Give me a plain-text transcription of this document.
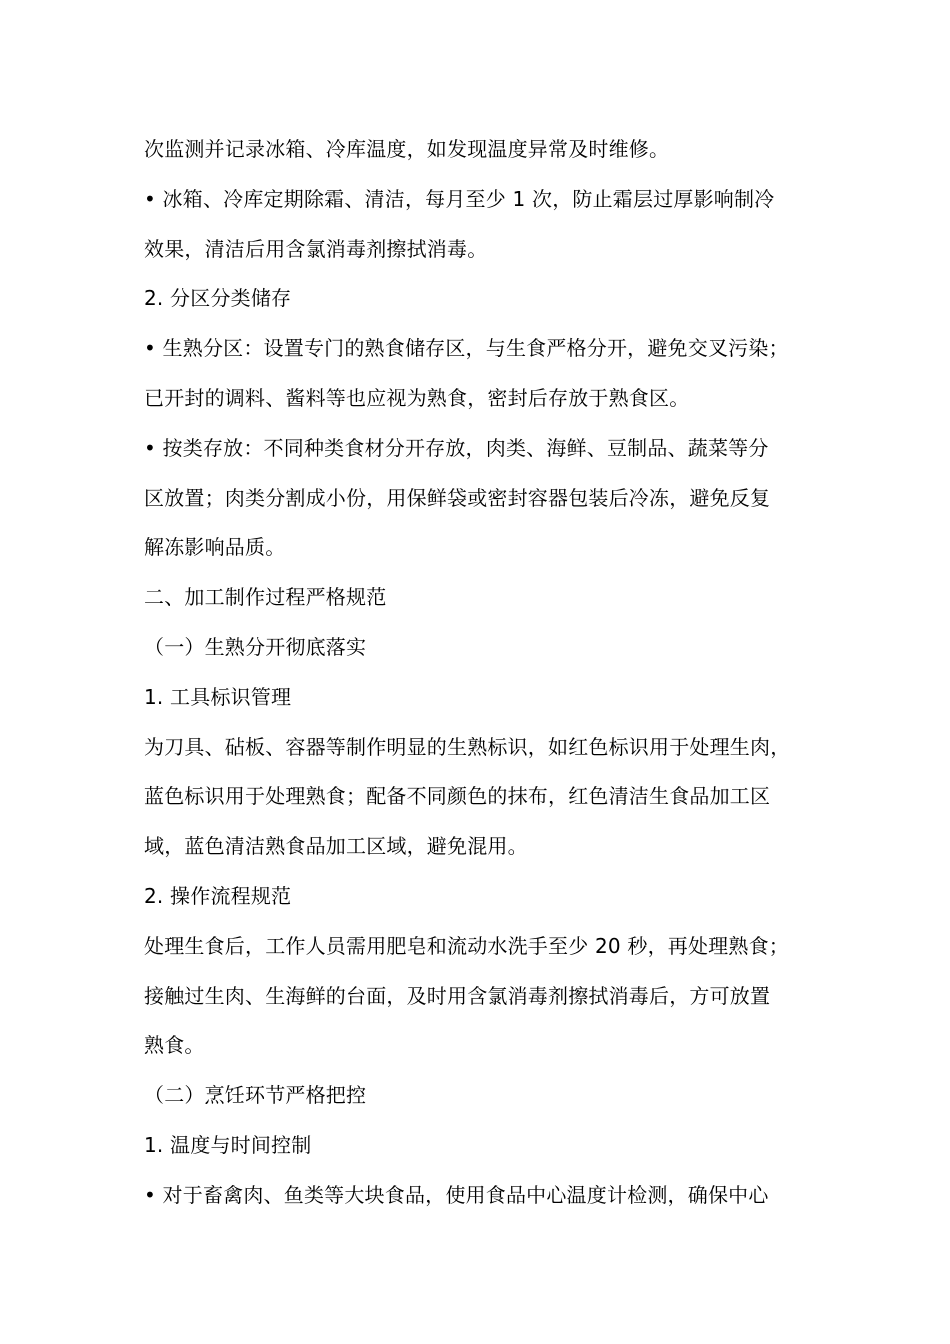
次监测并记录冰箱、冷库温度，如发现温度异常及时维修。
• 冰箱、冷库定期除霜、清洁，每月至少 1 次，防止霜层过厚影响制冷
效果，清洁后用含氯消毒剂擦拭消毒。
2. 分区分类储存
• 生熟分区：设置专门的熟食储存区，与生食严格分开，避免交叉污染；
已开封的调料、酱料等也应视为熟食，密封后存放于熟食区。
• 按类存放：不同种类食材分开存放，肉类、海鲜、豆制品、蔬菜等分
区放置；肉类分割成小份，用保鲜袋或密封容器包装后冷冻，避免反复
解冻影响品质。
二、加工制作过程严格规范
（一）生熟分开彻底落实
1. 工具标识管理
为刀具、砧板、容器等制作明显的生熟标识，如红色标识用于处理生肉，
蓝色标识用于处理熟食；配备不同颜色的抹布，红色清洁生食品加工区
域，蓝色清洁熟食品加工区域，避免混用。
2. 操作流程规范
处理生食后，工作人员需用肥皂和流动水洗手至少 20 秒，再处理熟食；
接触过生肉、生海鲜的台面，及时用含氯消毒剂擦拭消毒后，方可放置
熟食。
（二）烹饪环节严格把控
1. 温度与时间控制
• 对于畜禽肉、鱼类等大块食品，使用食品中心温度计检测，确保中心
